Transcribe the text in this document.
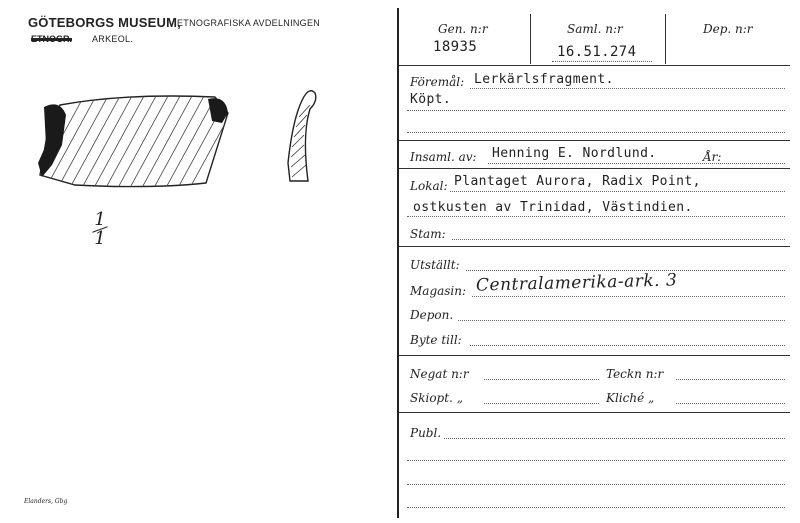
GÖTEBORGS MUSEUM,
ETNOGRAFISKA AVDELNINGEN
ETNOGR. ARKEOL.
1
1
Elanders, Gbg
Gen. n:r
18935
Saml. n:r
16.51.274
Dep. n:r
Föremål: Lerkärlsfragment.
Köpt.
Insaml. av: Henning E. Nordlund.	År:
Lokal: Plantaget Aurora, Radix Point,
ostkusten av Trinidad, Västindien.
Stam:
Utställt:
Magasin: Centralamerika-ark. 3
Depon.
Byte till:
Negat n:r	Teckn n:r
Skiopt. „	Kliché „
Publ.
